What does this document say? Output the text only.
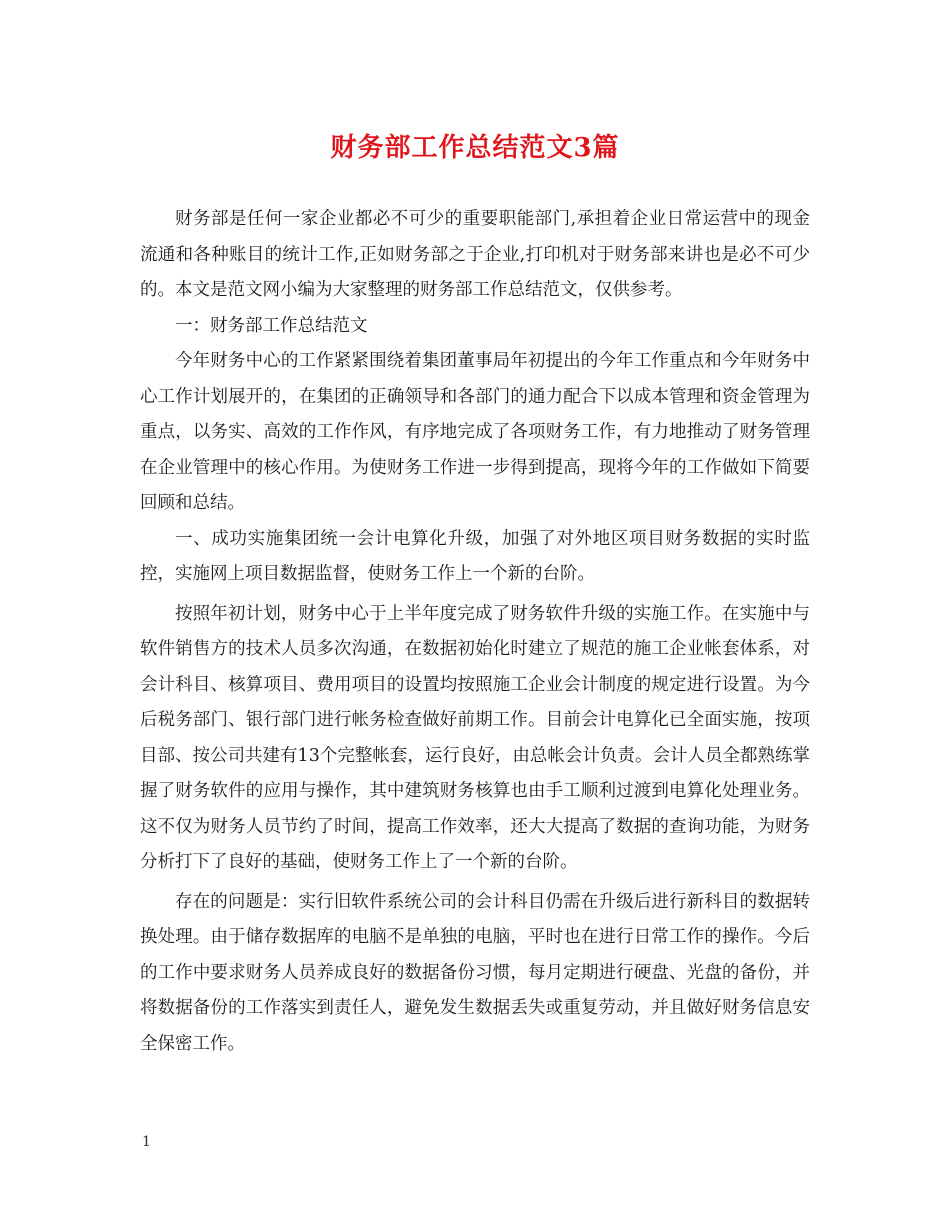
财务部工作总结范文3篇

财务部是任何一家企业都必不可少的重要职能部门,承担着企业日常运营中的现金流通和各种账目的统计工作,正如财务部之于企业,打印机对于财务部来讲也是必不可少的。本文是范文网小编为大家整理的财务部工作总结范文，仅供参考。

一：财务部工作总结范文

今年财务中心的工作紧紧围绕着集团董事局年初提出的今年工作重点和今年财务中心工作计划展开的，在集团的正确领导和各部门的通力配合下以成本管理和资金管理为重点，以务实、高效的工作作风，有序地完成了各项财务工作，有力地推动了财务管理在企业管理中的核心作用。为使财务工作进一步得到提高，现将今年的工作做如下简要回顾和总结。

一、成功实施集团统一会计电算化升级，加强了对外地区项目财务数据的实时监控，实施网上项目数据监督，使财务工作上一个新的台阶。

按照年初计划，财务中心于上半年度完成了财务软件升级的实施工作。在实施中与软件销售方的技术人员多次沟通，在数据初始化时建立了规范的施工企业帐套体系，对会计科目、核算项目、费用项目的设置均按照施工企业会计制度的规定进行设置。为今后税务部门、银行部门进行帐务检查做好前期工作。目前会计电算化已全面实施，按项目部、按公司共建有13个完整帐套，运行良好，由总帐会计负责。会计人员全都熟练掌握了财务软件的应用与操作，其中建筑财务核算也由手工顺利过渡到电算化处理业务。这不仅为财务人员节约了时间，提高工作效率，还大大提高了数据的查询功能，为财务分析打下了良好的基础，使财务工作上了一个新的台阶。

存在的问题是：实行旧软件系统公司的会计科目仍需在升级后进行新科目的数据转换处理。由于储存数据库的电脑不是单独的电脑，平时也在进行日常工作的操作。今后的工作中要求财务人员养成良好的数据备份习惯，每月定期进行硬盘、光盘的备份，并将数据备份的工作落实到责任人，避免发生数据丢失或重复劳动，并且做好财务信息安全保密工作。

1
